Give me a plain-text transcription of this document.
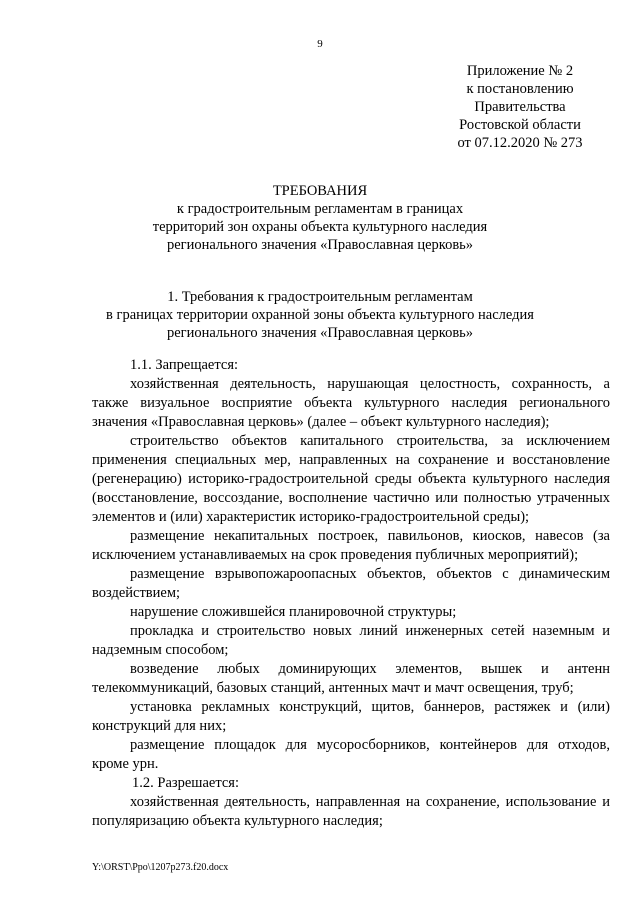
9
Приложение № 2
к постановлению
Правительства
Ростовской области
от 07.12.2020 № 273
ТРЕБОВАНИЯ
к градостроительным регламентам в границах
территорий зон охраны объекта культурного наследия
регионального значения «Православная церковь»
1. Требования к градостроительным регламентам
в границах территории охранной зоны объекта культурного наследия
регионального значения «Православная церковь»

1.1. Запрещается:

хозяйственная деятельность, нарушающая целостность, сохранность, а также визуальное восприятие объекта культурного наследия регионального значения «Православная церковь» (далее – объект культурного наследия);

строительство объектов капитального строительства, за исключением применения специальных мер, направленных на сохранение и восстановление (регенерацию) историко-градостроительной среды объекта культурного наследия (восстановление, воссоздание, восполнение частично или полностью утраченных элементов и (или) характеристик историко-градостроительной среды);

размещение некапитальных построек, павильонов, киосков, навесов (за исключением устанавливаемых на срок проведения публичных мероприятий);

размещение взрывопожароопасных объектов, объектов с динамическим воздействием;

нарушение сложившейся планировочной структуры;

прокладка и строительство новых линий инженерных сетей наземным и надземным способом;

возведение любых доминирующих элементов, вышек и антенн телекоммуникаций, базовых станций, антенных мачт и мачт освещения, труб;

установка рекламных конструкций, щитов, баннеров, растяжек и (или) конструкций для них;

размещение площадок для мусоросборников, контейнеров для отходов, кроме урн.

1.2. Разрешается:

хозяйственная деятельность, направленная на сохранение, использование и популяризацию объекта культурного наследия;

Y:\ORST\Ppo\1207p273.f20.docx
